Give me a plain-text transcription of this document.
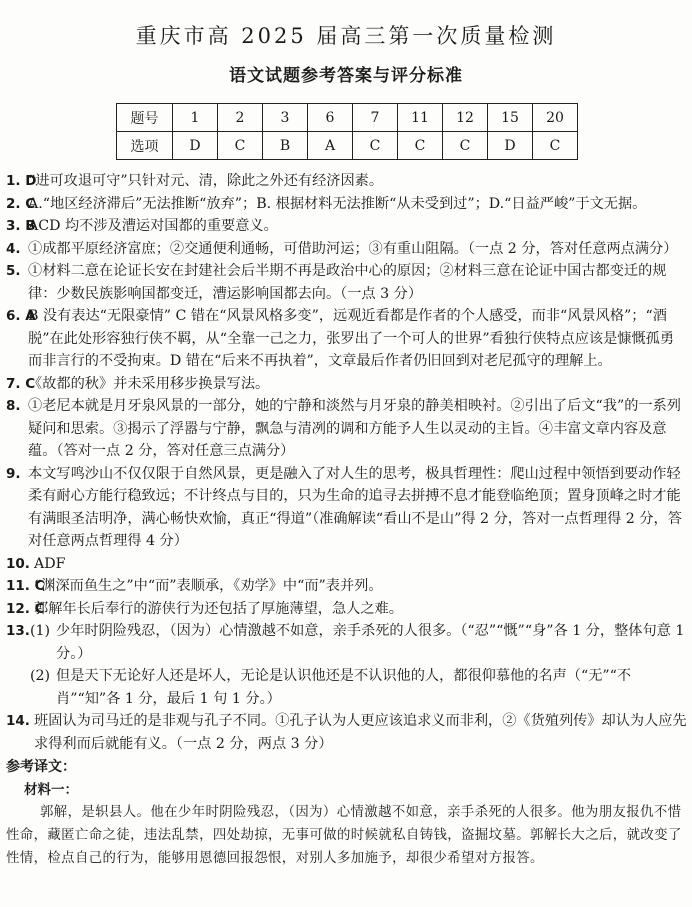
重庆市高 2025 届高三第一次质量检测
语文试题参考答案与评分标准
题号	1	2	3	6	7	11	12	15	20
选项	D	C	B	A	C	C	C	D	C
1. D
“进可攻退可守”只针对元、清，除此之外还有经济因素。
2. C
A.“地区经济滞后”无法推断“放弃”；B. 根据材料无法推断“从未受到过”；D.“日益严峻”于文无据。
3. B
ACD 均不涉及漕运对国都的重要意义。
4. ①成都平原经济富庶；②交通便利通畅，可借助河运；③有重山阻隔。（一点 2 分，答对任意两点满分）
5. ①材料二意在论证长安在封建社会后半期不再是政治中心的原因；②材料三意在论证中国古都变迁的规律：少数民族影响国都变迁，漕运影响国都去向。（一点 3 分）
6. A
B 没有表达“无限豪情” C 错在“风景风格多变”，远观近看都是作者的个人感受，而非“风景风格”；“酒脱”在此处形容独行侠不羁，从“全靠一己之力，张罗出了一个可人的世界”看独行侠特点应该是慷慨孤勇而非言行的不受拘束。D 错在“后来不再执着”，文章最后作者仍旧回到对老尼孤守的理解上。
7. C
《故都的秋》并未采用移步换景写法。
8. ①老尼本就是月牙泉风景的一部分，她的宁静和淡然与月牙泉的静美相映衬。②引出了后文“我”的一系列疑问和思索。③揭示了浮嚣与宁静，飘急与清冽的调和方能予人生以灵动的主旨。④丰富文章内容及意蕴。（答对一点 2 分，答对任意三点满分）
9. 本文写鸣沙山不仅仅限于自然风景，更是融入了对人生的思考，极具哲理性：爬山过程中领悟到要动作轻柔有耐心方能行稳致远；不计终点与目的，只为生命的追寻去拼搏不息才能登临绝顶；置身顶峰之时才能有满眼圣洁明净，满心畅快欢愉，真正“得道”（准确解读“看山不是山”得 2 分，答对一点哲理得 2 分，答对任意两点哲理得 4 分）
10. ADF
11. C
“渊深而鱼生之”中“而”表顺承，《劝学》中“而”表并列。
12. C
郭解年长后奉行的游侠行为还包括了厚施薄望，急人之难。
13. (1) 少年时阴险残忍，（因为）心情激越不如意，亲手杀死的人很多。（“忍”“慨”“身”各 1 分，整体句意 1 分。）
(2) 但是天下无论好人还是坏人，无论是认识他还是不认识他的人，都很仰慕他的名声（“无”“不肖”“知”各 1 分，最后 1 句 1 分。）
14. 班固认为司马迁的是非观与孔子不同。①孔子认为人更应该追求义而非利，②《货殖列传》却认为人应先求得利而后就能有义。（一点 2 分，两点 3 分）
参考译文：
材料一：
郭解，是轵县人。他在少年时阴险残忍，（因为）心情激越不如意，亲手杀死的人很多。他为朋友报仇不惜性命，藏匿亡命之徒，违法乱禁，四处劫掠，无事可做的时候就私自铸钱，盗掘坟墓。郭解长大之后，就改变了性情，检点自己的行为，能够用恩德回报怨恨，对别人多加施予，却很少希望对方报答。
